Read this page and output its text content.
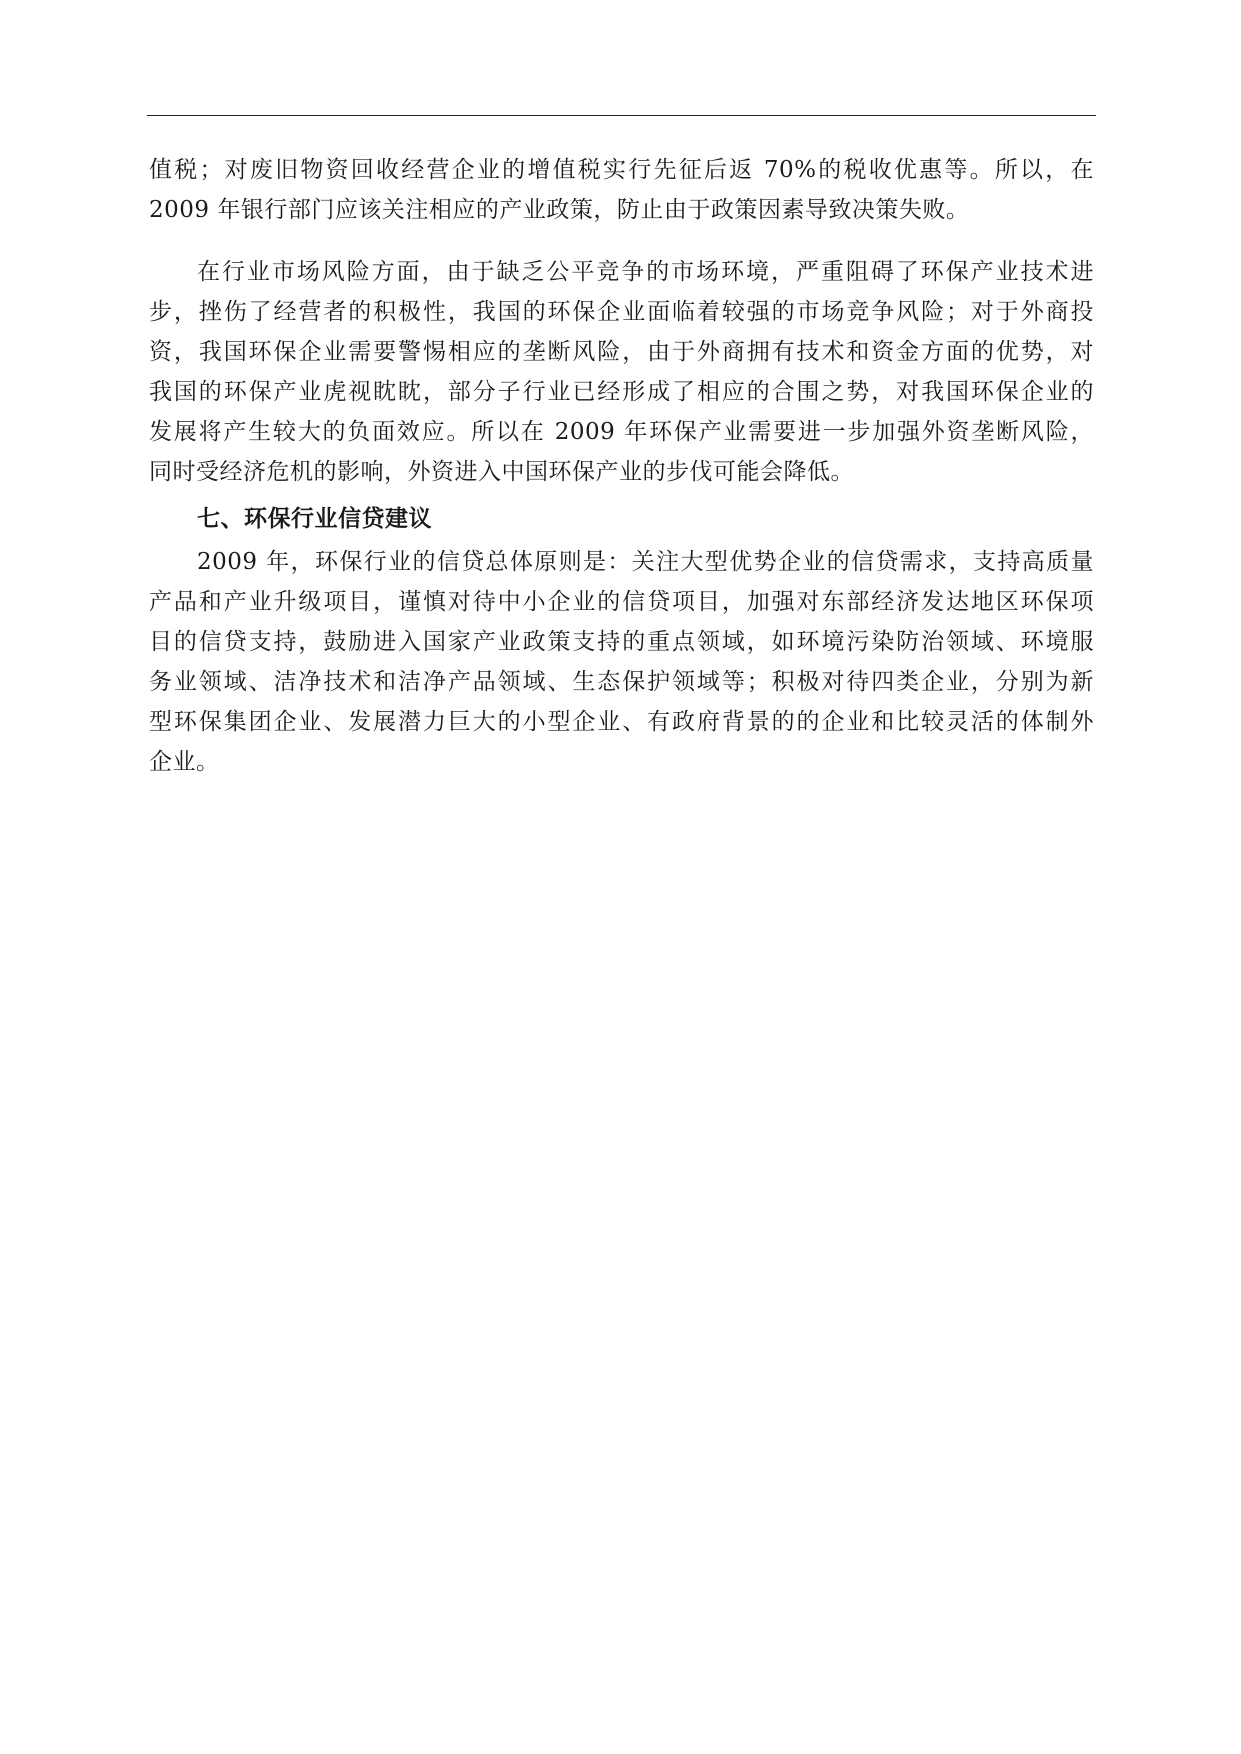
值税；对废旧物资回收经营企业的增值税实行先征后返 70%的税收优惠等。所以，在
2009 年银行部门应该关注相应的产业政策，防止由于政策因素导致决策失败。

在行业市场风险方面，由于缺乏公平竞争的市场环境，严重阻碍了环保产业技术进
步，挫伤了经营者的积极性，我国的环保企业面临着较强的市场竞争风险；对于外商投
资，我国环保企业需要警惕相应的垄断风险，由于外商拥有技术和资金方面的优势，对
我国的环保产业虎视眈眈，部分子行业已经形成了相应的合围之势，对我国环保企业的
发展将产生较大的负面效应。所以在 2009 年环保产业需要进一步加强外资垄断风险，
同时受经济危机的影响，外资进入中国环保产业的步伐可能会降低。

七、环保行业信贷建议

2009 年，环保行业的信贷总体原则是：关注大型优势企业的信贷需求，支持高质量
产品和产业升级项目，谨慎对待中小企业的信贷项目，加强对东部经济发达地区环保项
目的信贷支持，鼓励进入国家产业政策支持的重点领域，如环境污染防治领域、环境服
务业领域、洁净技术和洁净产品领域、生态保护领域等；积极对待四类企业，分别为新
型环保集团企业、发展潜力巨大的小型企业、有政府背景的的企业和比较灵活的体制外
企业。
